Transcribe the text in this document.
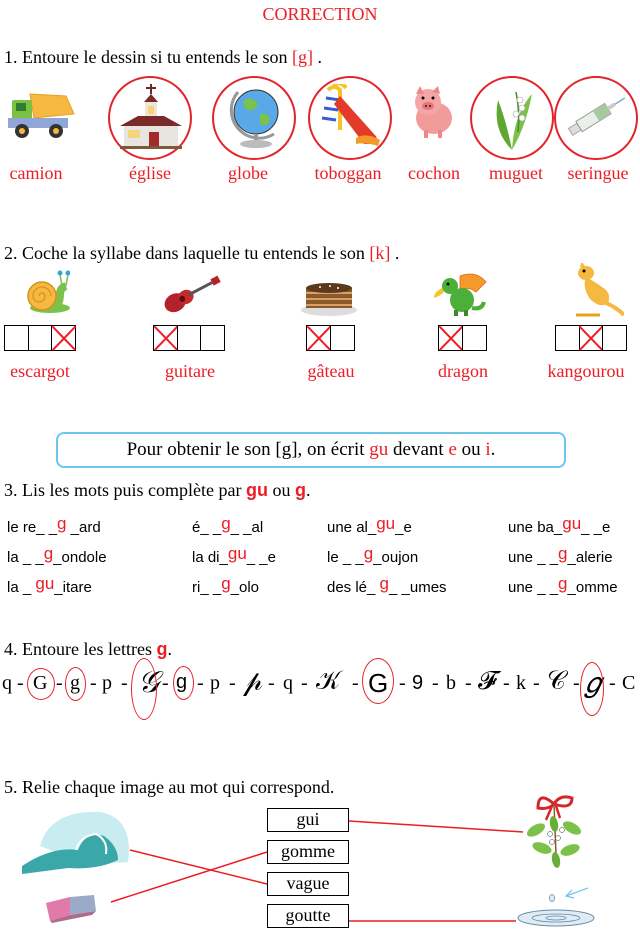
CORRECTION
1. Entoure le dessin si tu entends le son [g] .
camion	église	globe	toboggan	cochon	muguet	seringue
2. Coche la syllabe dans laquelle tu entends le son [k] .
escargot	guitare	gâteau	dragon	kangourou
Pour obtenir le son [g], on écrit gu devant e ou i.
3. Lis les mots puis complète par gu ou g.
le re_ _g _ard	é_ _g_ _al	une al_gu_e	une ba_gu_ _e
la _ _g_ondole	la di_gu_ _e	le _ _g_oujon	une _ _g_alerie
la _ gu_itare	ri_ _g_olo	des lé_ g_ _umes	une _ _g_omme
4. Entoure les lettres g.
q - G - g - p - 𝒢 - g - p - 𝓅 - q - 𝒦 - G - 9 - b - 𝓕 - k - 𝒞 - 𝑔 - C
5. Relie chaque image au mot qui correspond.
gui
gomme
vague
goutte
